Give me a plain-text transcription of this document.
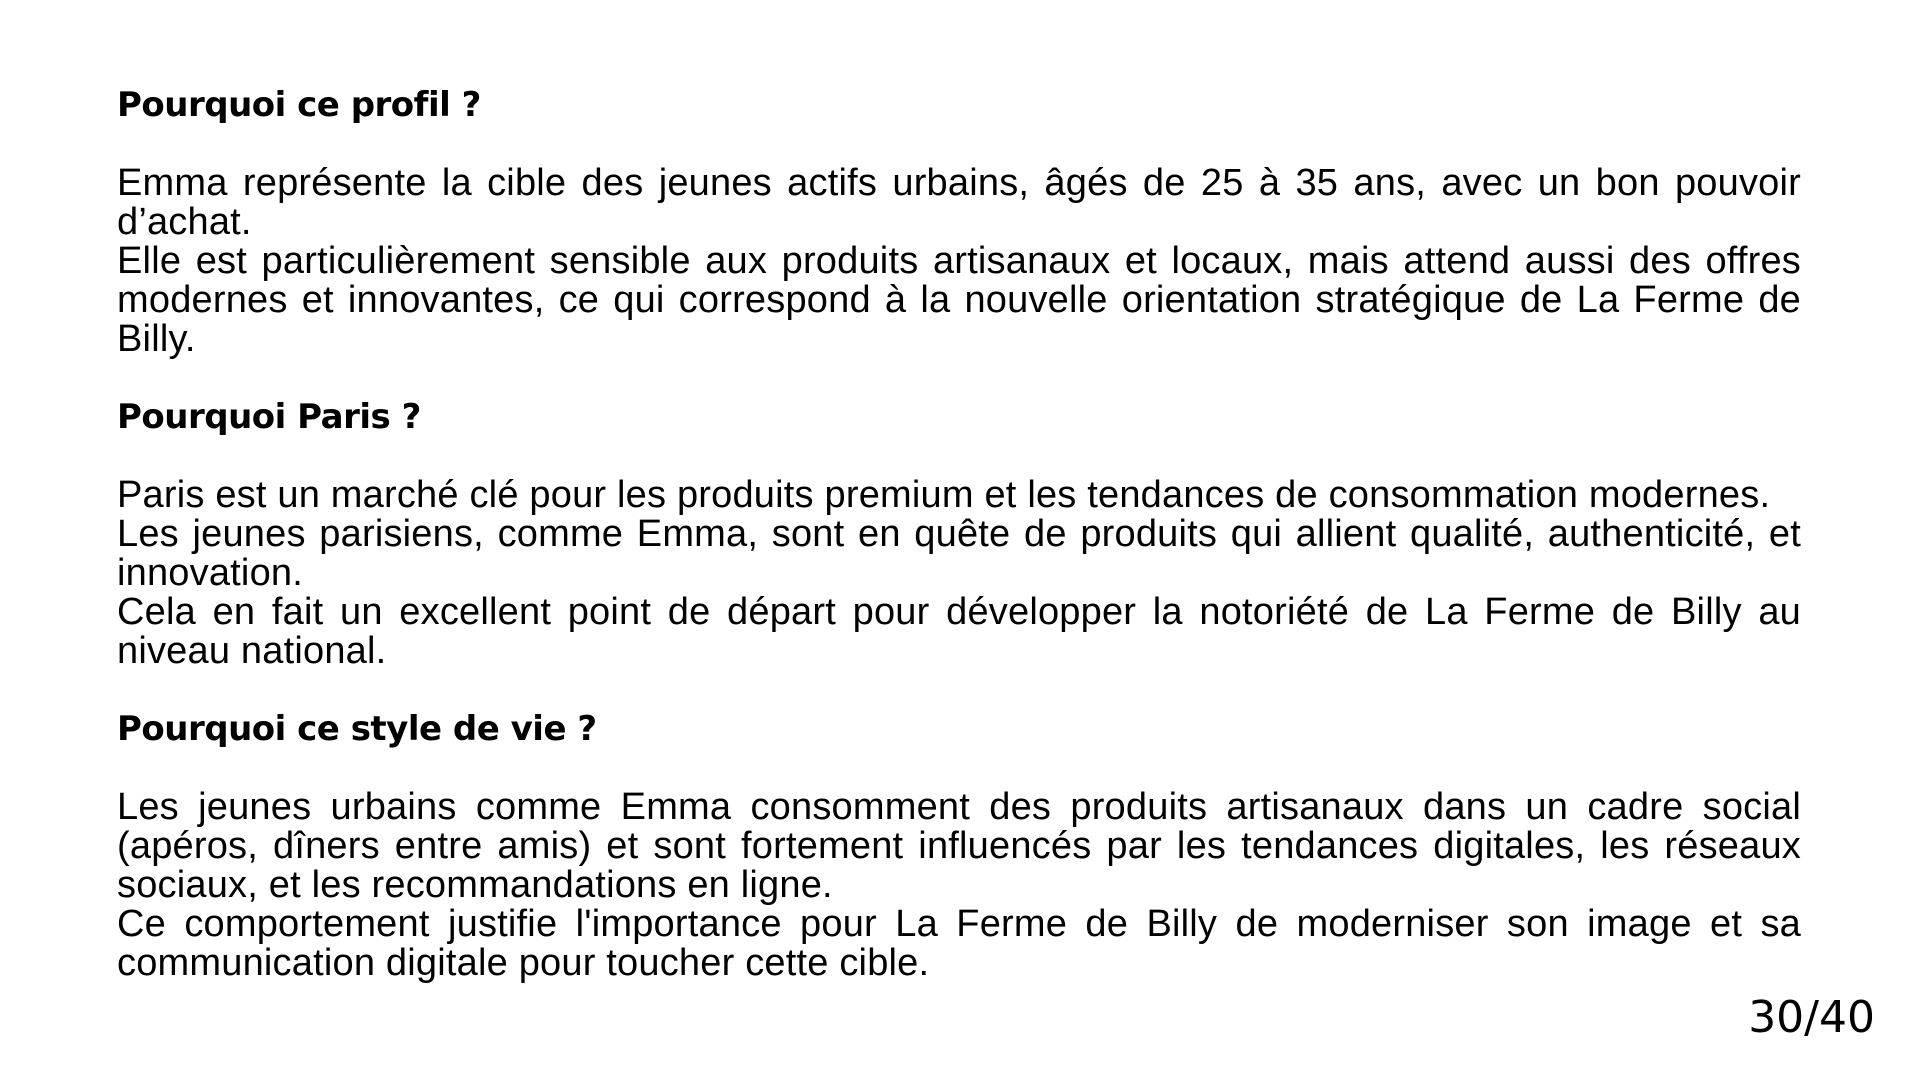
Pourquoi ce profil ?

Emma représente la cible des jeunes actifs urbains, âgés de 25 à 35 ans, avec un bon pouvoir d’achat.

Elle est particulièrement sensible aux produits artisanaux et locaux, mais attend aussi des offres modernes et innovantes, ce qui correspond à la nouvelle orientation stratégique de La Ferme de Billy.

Pourquoi Paris ?

Paris est un marché clé pour les produits premium et les tendances de consommation modernes.

Les jeunes parisiens, comme Emma, sont en quête de produits qui allient qualité, authenticité, et innovation.

Cela en fait un excellent point de départ pour développer la notoriété de La Ferme de Billy au niveau national.

Pourquoi ce style de vie ?

Les jeunes urbains comme Emma consomment des produits artisanaux dans un cadre social (apéros, dîners entre amis) et sont fortement influencés par les tendances digitales, les réseaux sociaux, et les recommandations en ligne.

Ce comportement justifie l'importance pour La Ferme de Billy de moderniser son image et sa communication digitale pour toucher cette cible.

30/40
